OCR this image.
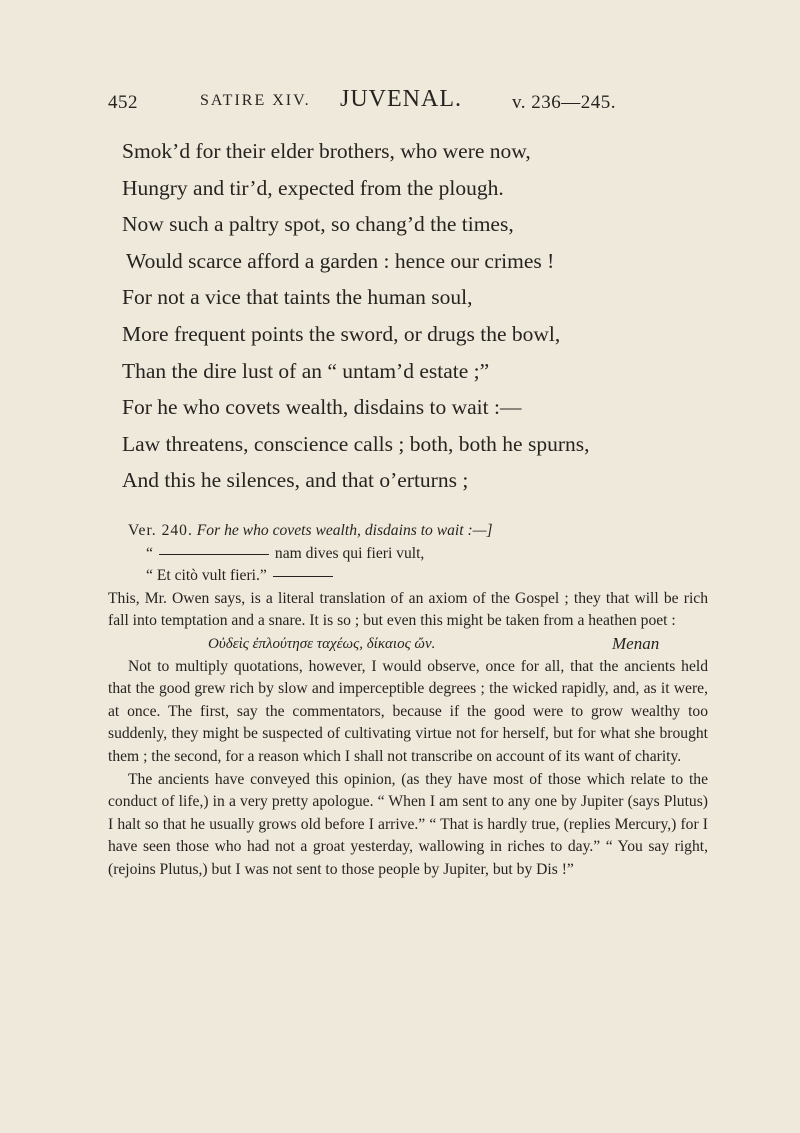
452	SATIRE XIV. JUVENAL.	v. 236—245.
Smok’d for their elder brothers, who were now,
Hungry and tir’d, expected from the plough.
Now such a paltry spot, so chang’d the times,
Would scarce afford a garden : hence our crimes !
For not a vice that taints the human soul,
More frequent points the sword, or drugs the bowl,
Than the dire lust of an “ untam’d estate ;”
For he who covets wealth, disdains to wait :—
Law threatens, conscience calls ; both, both he spurns,
And this he silences, and that o’erturns ;

Ver. 240. For he who covets wealth, disdains to wait :—]

“	nam dives qui fieri vult,

“ Et citò vult fieri.”

This, Mr. Owen says, is a literal translation of an axiom of the Gospel ; they that will be rich fall into temptation and a snare. It is so ; but even this might be taken from a heathen poet :

Οὐδεὶς ἐπλούτησε ταχέως, δίκαιος ὤν.	Menan

Not to multiply quotations, however, I would observe, once for all, that the ancients held that the good grew rich by slow and imperceptible degrees ; the wicked rapidly, and, as it were, at once. The first, say the commentators, because if the good were to grow wealthy too suddenly, they might be suspected of cultivating virtue not for herself, but for what she brought them ; the second, for a reason which I shall not transcribe on account of its want of charity.

The ancients have conveyed this opinion, (as they have most of those which relate to the conduct of life,) in a very pretty apologue. “ When I am sent to any one by Jupiter (says Plutus) I halt so that he usually grows old before I arrive.” “ That is hardly true, (replies Mercury,) for I have seen those who had not a groat yesterday, wallowing in riches to day.” “ You say right, (rejoins Plutus,) but I was not sent to those people by Jupiter, but by Dis !”
